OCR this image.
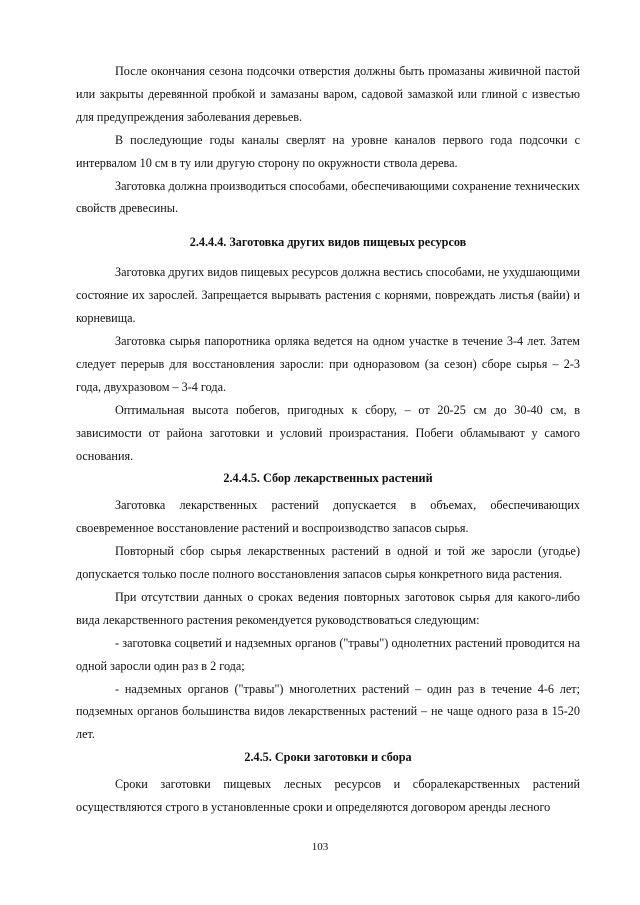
После окончания сезона подсочки отверстия должны быть промазаны живичной пастой или закрыты деревянной пробкой и замазаны варом, садовой замазкой или глиной с известью для предупреждения заболевания деревьев.

В последующие годы каналы сверлят на уровне каналов первого года подсочки с интервалом 10 см в ту или другую сторону по окружности ствола дерева.

Заготовка должна производиться способами, обеспечивающими сохранение технических свойств древесины.

2.4.4.4. Заготовка других видов пищевых ресурсов

Заготовка других видов пищевых ресурсов должна вестись способами, не ухудшающими состояние их зарослей. Запрещается вырывать растения с корнями, повреждать листья (вайи) и корневища.

Заготовка сырья папоротника орляка ведется на одном участке в течение 3-4 лет. Затем следует перерыв для восстановления заросли: при одноразовом (за сезон) сборе сырья – 2-3 года, двухразовом – 3-4 года.

Оптимальная высота побегов, пригодных к сбору, – от 20-25 см до 30-40 см, в зависимости от района заготовки и условий произрастания. Побеги обламывают у самого основания.

2.4.4.5. Сбор лекарственных растений

Заготовка лекарственных растений допускается в объемах, обеспечивающих своевременное восстановление растений и воспроизводство запасов сырья.

Повторный сбор сырья лекарственных растений в одной и той же заросли (угодье) допускается только после полного восстановления запасов сырья конкретного вида растения.

При отсутствии данных о сроках ведения повторных заготовок сырья для какого-либо вида лекарственного растения рекомендуется руководствоваться следующим:

- заготовка соцветий и надземных органов ("травы") однолетних растений проводится на одной заросли один раз в 2 года;

- надземных органов ("травы") многолетних растений – один раз в течение 4-6 лет; подземных органов большинства видов лекарственных растений – не чаще одного раза в 15-20 лет.

2.4.5. Сроки заготовки и сбора

Сроки заготовки пищевых лесных ресурсов и сборалекарственных растений осуществляются строго в установленные сроки и определяются договором аренды лесного

103
